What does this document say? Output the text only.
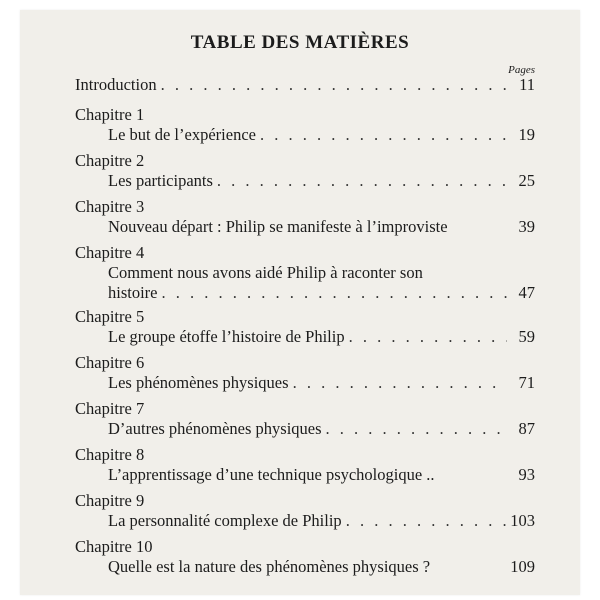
TABLE DES MATIÈRES
Pages
Introduction . . .	11
Chapitre 1
Le but de l’expérience . . .	19
Chapitre 2
Les participants . . .	25
Chapitre 3
Nouveau départ : Philip se manifeste à l’improviste	39
Chapitre 4
Comment nous avons aidé Philip à raconter son
histoire . . .	47
Chapitre 5
Le groupe étoffe l’histoire de Philip . . .	59
Chapitre 6
Les phénomènes physiques . . .	71
Chapitre 7
D’autres phénomènes physiques . . .	87
Chapitre 8
L’apprentissage d’une technique psychologique ..	93
Chapitre 9
La personnalité complexe de Philip . . .	103
Chapitre 10
Quelle est la nature des phénomènes physiques ?	109
